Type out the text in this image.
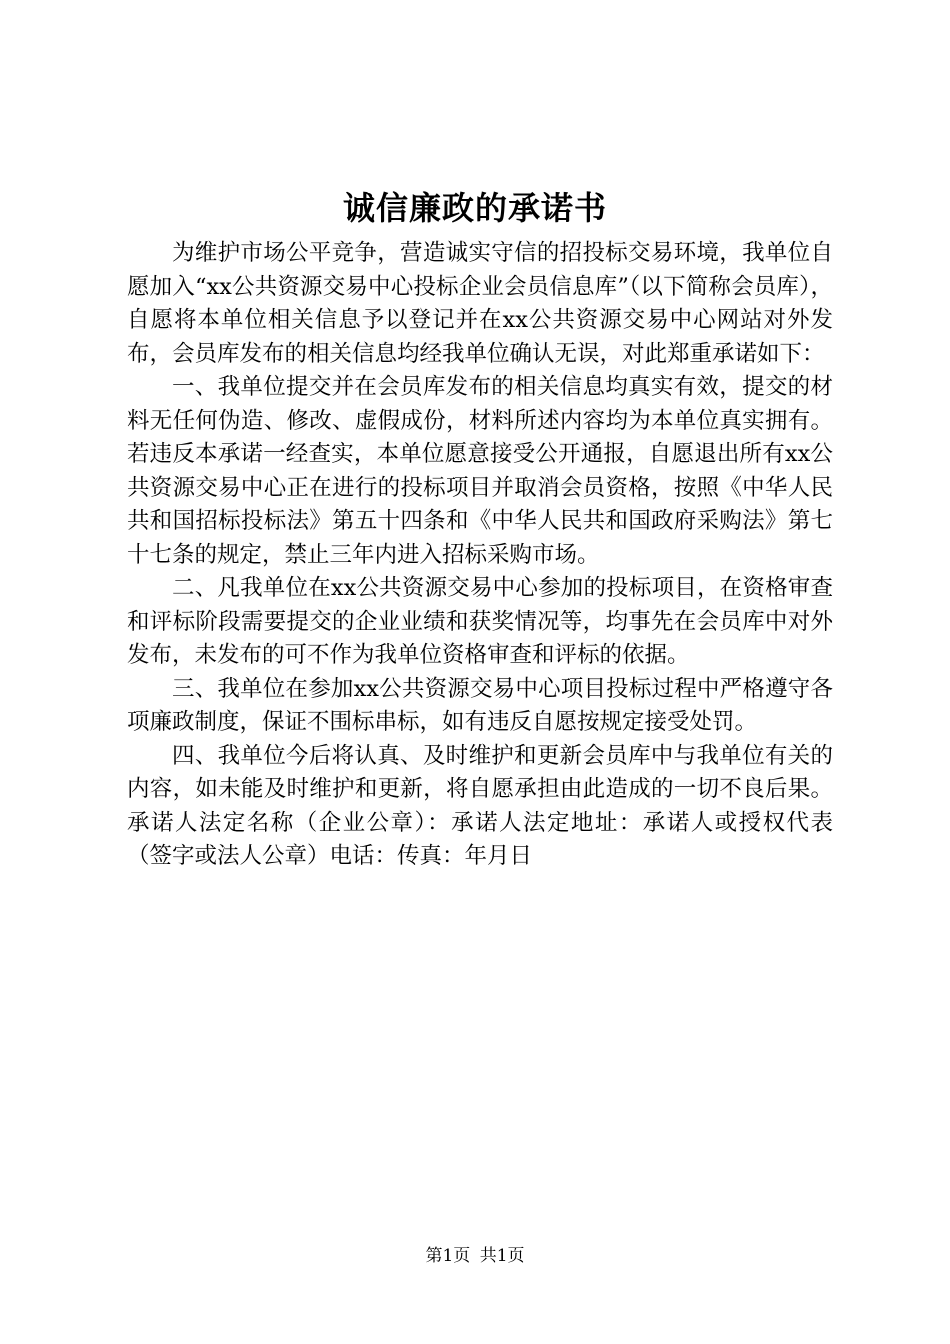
诚信廉政的承诺书

为维护市场公平竞争，营造诚实守信的招投标交易环境，我单位自愿加入“xx公共资源交易中心投标企业会员信息库”（以下简称会员库），自愿将本单位相关信息予以登记并在xx公共资源交易中心网站对外发布，会员库发布的相关信息均经我单位确认无误，对此郑重承诺如下：

一、我单位提交并在会员库发布的相关信息均真实有效，提交的材料无任何伪造、修改、虚假成份，材料所述内容均为本单位真实拥有。若违反本承诺一经查实，本单位愿意接受公开通报，自愿退出所有xx公共资源交易中心正在进行的投标项目并取消会员资格，按照《中华人民共和国招标投标法》第五十四条和《中华人民共和国政府采购法》第七十七条的规定，禁止三年内进入招标采购市场。

二、凡我单位在xx公共资源交易中心参加的投标项目，在资格审查和评标阶段需要提交的企业业绩和获奖情况等，均事先在会员库中对外发布，未发布的可不作为我单位资格审查和评标的依据。

三、我单位在参加xx公共资源交易中心项目投标过程中严格遵守各项廉政制度，保证不围标串标，如有违反自愿按规定接受处罚。

四、我单位今后将认真、及时维护和更新会员库中与我单位有关的内容，如未能及时维护和更新，将自愿承担由此造成的一切不良后果。承诺人法定名称（企业公章）：承诺人法定地址：承诺人或授权代表（签字或法人公章）电话：传真：年月日

第1页 共1页
